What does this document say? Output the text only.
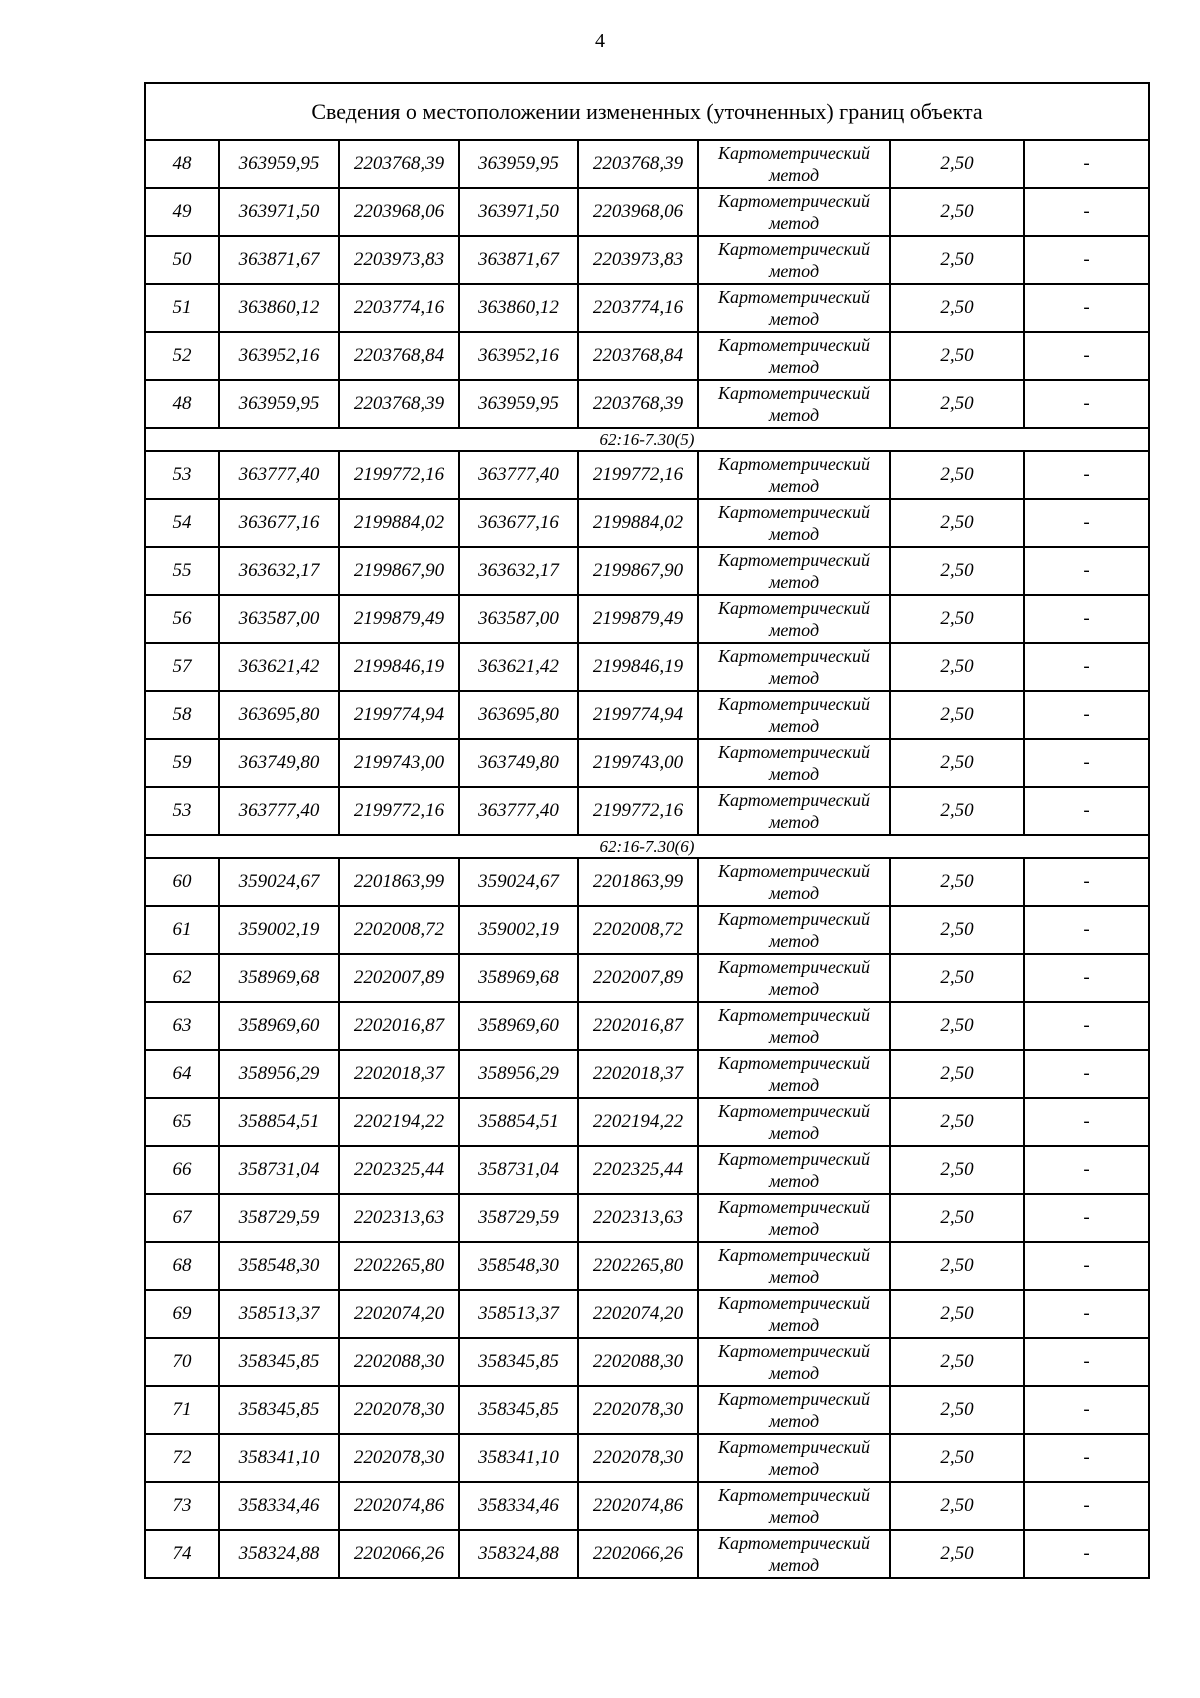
4
Сведения о местоположении измененных (уточненных) границ объекта							
48	363959,95	2203768,39	363959,95	2203768,39	Картометрический
метод	2,50	-
49	363971,50	2203968,06	363971,50	2203968,06	Картометрический
метод	2,50	-
50	363871,67	2203973,83	363871,67	2203973,83	Картометрический
метод	2,50	-
51	363860,12	2203774,16	363860,12	2203774,16	Картометрический
метод	2,50	-
52	363952,16	2203768,84	363952,16	2203768,84	Картометрический
метод	2,50	-
48	363959,95	2203768,39	363959,95	2203768,39	Картометрический
метод	2,50	-
62:16-7.30(5)							
53	363777,40	2199772,16	363777,40	2199772,16	Картометрический
метод	2,50	-
54	363677,16	2199884,02	363677,16	2199884,02	Картометрический
метод	2,50	-
55	363632,17	2199867,90	363632,17	2199867,90	Картометрический
метод	2,50	-
56	363587,00	2199879,49	363587,00	2199879,49	Картометрический
метод	2,50	-
57	363621,42	2199846,19	363621,42	2199846,19	Картометрический
метод	2,50	-
58	363695,80	2199774,94	363695,80	2199774,94	Картометрический
метод	2,50	-
59	363749,80	2199743,00	363749,80	2199743,00	Картометрический
метод	2,50	-
53	363777,40	2199772,16	363777,40	2199772,16	Картометрический
метод	2,50	-
62:16-7.30(6)							
60	359024,67	2201863,99	359024,67	2201863,99	Картометрический
метод	2,50	-
61	359002,19	2202008,72	359002,19	2202008,72	Картометрический
метод	2,50	-
62	358969,68	2202007,89	358969,68	2202007,89	Картометрический
метод	2,50	-
63	358969,60	2202016,87	358969,60	2202016,87	Картометрический
метод	2,50	-
64	358956,29	2202018,37	358956,29	2202018,37	Картометрический
метод	2,50	-
65	358854,51	2202194,22	358854,51	2202194,22	Картометрический
метод	2,50	-
66	358731,04	2202325,44	358731,04	2202325,44	Картометрический
метод	2,50	-
67	358729,59	2202313,63	358729,59	2202313,63	Картометрический
метод	2,50	-
68	358548,30	2202265,80	358548,30	2202265,80	Картометрический
метод	2,50	-
69	358513,37	2202074,20	358513,37	2202074,20	Картометрический
метод	2,50	-
70	358345,85	2202088,30	358345,85	2202088,30	Картометрический
метод	2,50	-
71	358345,85	2202078,30	358345,85	2202078,30	Картометрический
метод	2,50	-
72	358341,10	2202078,30	358341,10	2202078,30	Картометрический
метод	2,50	-
73	358334,46	2202074,86	358334,46	2202074,86	Картометрический
метод	2,50	-
74	358324,88	2202066,26	358324,88	2202066,26	Картометрический
метод	2,50	-
